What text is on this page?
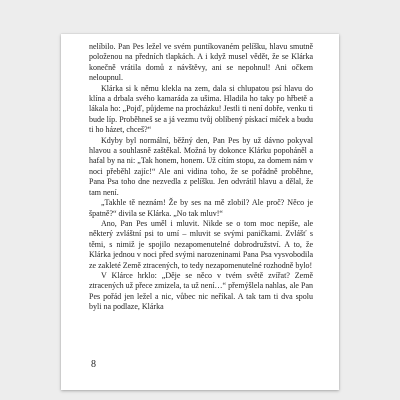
nelíbilo. Pan Pes ležel ve svém puntíkovaném pelíšku, hlavu smutně položenou na předních tlapkách. A i když musel vědět, že se Klárka konečně vrátila domů z návštěvy, ani se nepohnul! Ani očkem neloupnul.

Klárka si k němu klekla na zem, dala si chlupatou psí hlavu do klína a drbala svého kamaráda za ušima. Hladila ho taky po hřbetě a lákala ho: „Pojď, půjdeme na procházku! Jestli ti není dobře, venku ti bude líp. Proběhneš se a já vezmu tvůj oblíbený pískací míček a budu ti ho házet, chceš?“

Kdyby byl normální, běžný den, Pan Pes by už dávno pokyval hlavou a souhlasně zaštěkal. Možná by dokonce Klárku popoháněl a hafal by na ni: „Tak honem, honem. Už cítím stopu, za domem nám v noci přeběhl zajíc!“ Ale ani vidina toho, že se pořádně proběhne, Pana Psa toho dne nezvedla z pelíšku. Jen odvrátil hlavu a dělal, že tam není.

„Takhle tě neznám! Že by ses na mě zlobil? Ale proč? Něco je špatně?“ divila se Klárka. „No tak mluv!“

Ano, Pan Pes uměl i mluvit. Nikde se o tom moc nepíše, ale některý zvláštní psi to umí – mluvit se svými paničkami. Zvlášť s těmi, s nimiž je spojilo nezapomenutelné dobrodružství. A to, že Klárka jednou v noci před svými narozeninami Pana Psa vysvobodila ze zakleté Země ztracených, to tedy nezapomenutelné rozhodně bylo!

V Klárce hrklo: „Děje se něco v tvém světě zvířat? Země ztracených už přece zmizela, ta už není…“ přemýšlela nahlas, ale Pan Pes pořád jen ležel a nic, vůbec nic neříkal. A tak tam ti dva spolu byli na podlaze, Klárka

8
